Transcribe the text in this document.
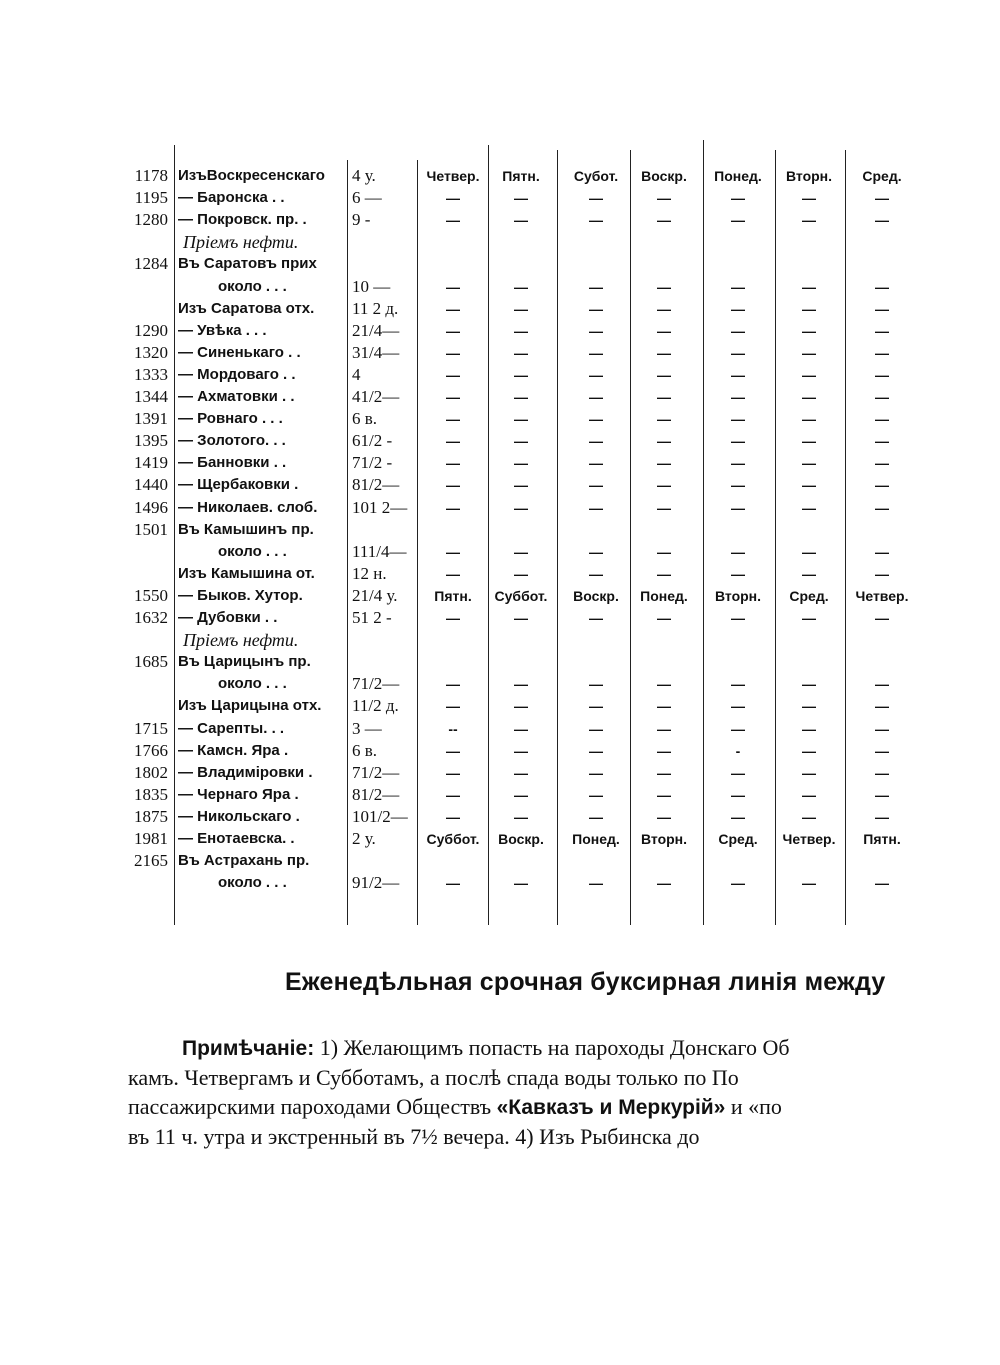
1178 ИзъВоскресенскаго	4 у.	Четвер.	Пятн.	Субот.	Воскр.	Понед.	Вторн.	Сред.
1195 — Баронска . .	6 —	—	—	—	—	—	—	—
1280 — Покровск. пр. .	9 -	—	—	—	—	—	—	—
Пріемъ нефти.
1284 Въ Саратовъ прих
около . . .	10 —	—	—	—	—	—	—	—
Изъ Саратова отх.	11 2 д.	—	—	—	—	—	—	—
1290 — Увѣка . . .	21/4—	—	—	—	—	—	—	—
1320 — Синенькаго . .	31/4—	—	—	—	—	—	—	—
1333 — Мордоваго . .	4	—	—	—	—	—	—	—
1344 — Ахматовки . .	41/2—	—	—	—	—	—	—	—
1391 — Ровнаго . . .	6 в.	—	—	—	—	—	—	—
1395 — Золотого. . .	61/2 -	—	—	—	—	—	—	—
1419 — Банновки . .	71/2 -	—	—	—	—	—	—	—
1440 — Щербаковки .	81/2—	—	—	—	—	—	—	—
1496 — Николаев. слоб.	101 2—	—	—	—	—	—	—	—
1501 Въ Камышинъ пр.
около . . .	111/4—	—	—	—	—	—	—	—
Изъ Камышина от.	12 н.	—	—	—	—	—	—	—
1550 — Быков. Хутор.	21/4 у.	Пятн.	Суббот.	Воскр.	Понед.	Вторн.	Сред.	Четвер.
1632 — Дубовки . .	51 2 -	—	—	—	—	—	—	—
Пріемъ нефти.
1685 Въ Царицынъ пр.
около . . .	71/2—	—	—	—	—	—	—	—
Изъ Царицына отх.	11/2 д.	—	—	—	—	—	—	—
1715 — Сарепты. . .	3 —	--	—	—	—	—	—	—
1766 — Камсн. Яра .	6 в.	—	—	—	—	-	—	—
1802 — Владиміровки .	71/2—	—	—	—	—	—	—	—
1835 — Чернаго Яра .	81/2—	—	—	—	—	—	—	—
1875 — Никольскаго .	101/2—	—	—	—	—	—	—	—
1981 — Енотаевска. .	2 у.	Суббот.	Воскр.	Понед.	Вторн.	Сред.	Четвер.	Пятн.
2165 Въ Астрахань пр.
около . . .	91/2—	—	—	—	—	—	—	—
Еженедѣльная срочная буксирная линія между
Примѣчаніе: 1) Желающимъ попасть на пароходы Донскаго Об
камъ. Четвергамъ и Субботамъ, а послѣ спада воды только по По
пассажирскими пароходами Обществъ «Кавказъ и Меркурій» и «по
въ 11 ч. утра и экстренный въ 7½ вечера. 4) Изъ Рыбинска до
